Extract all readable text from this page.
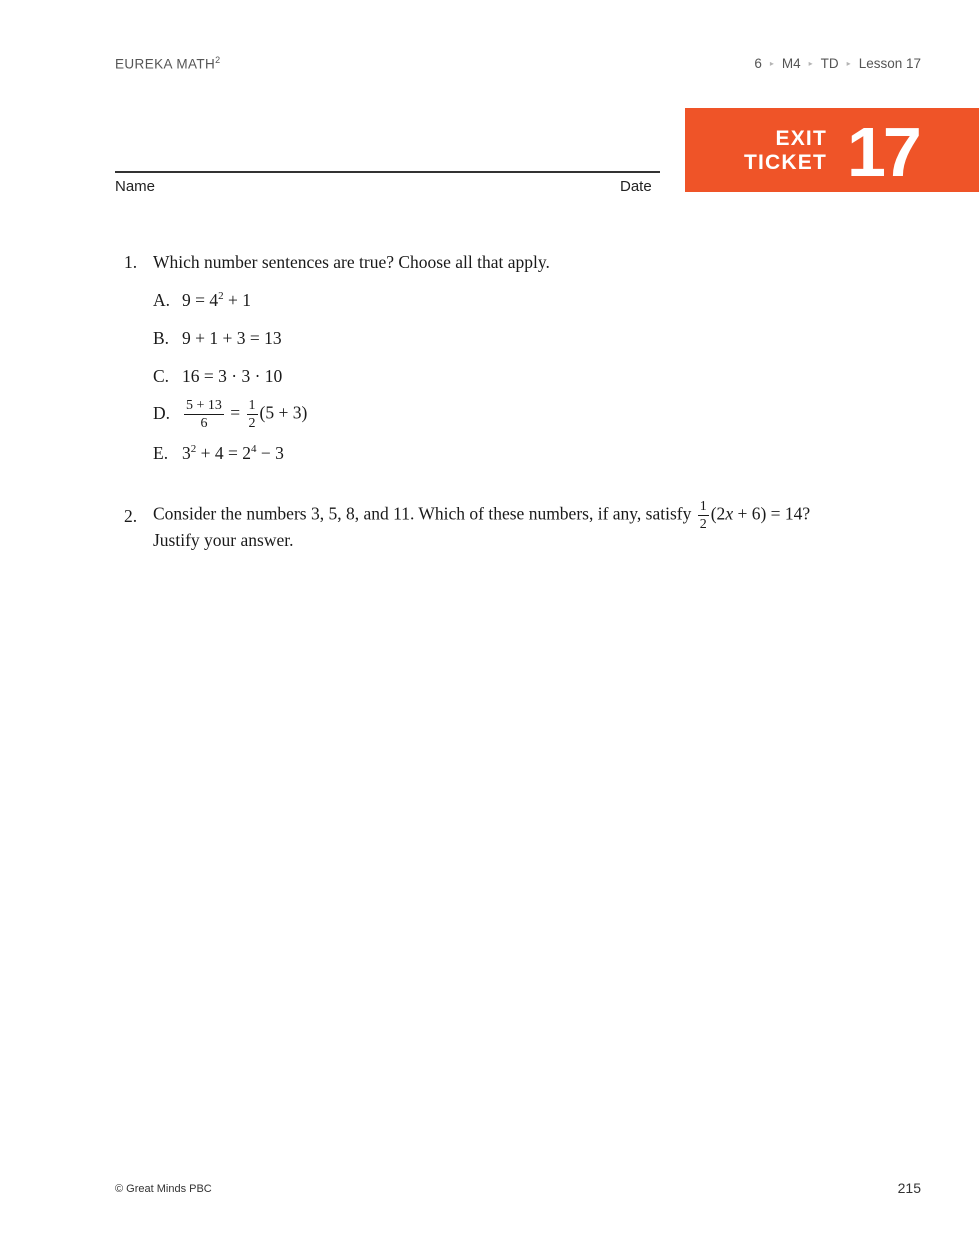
EUREKA MATH$^2$	6 ▸ M4 ▸ TD ▸ Lesson 17
Name	Date
EXIT
TICKET 17
1. Which number sentences are true? Choose all that apply.
A. $9 = 4^2 + 1$
B. 9 + 1 + 3 = 13
C. 16 = 3 · 3 · 10
D. $\frac{5 + 13}{6} = \frac{1}{2} (5 + 3)$
E. $3^2 + 4 = 2^4 - 3$
2. Consider the numbers 3, 5, 8, and 11. Which of these numbers, if any, satisfy $\frac{1}{2} (2x + 6) = 14$?
Justify your answer.
© Great Minds PBC	215
